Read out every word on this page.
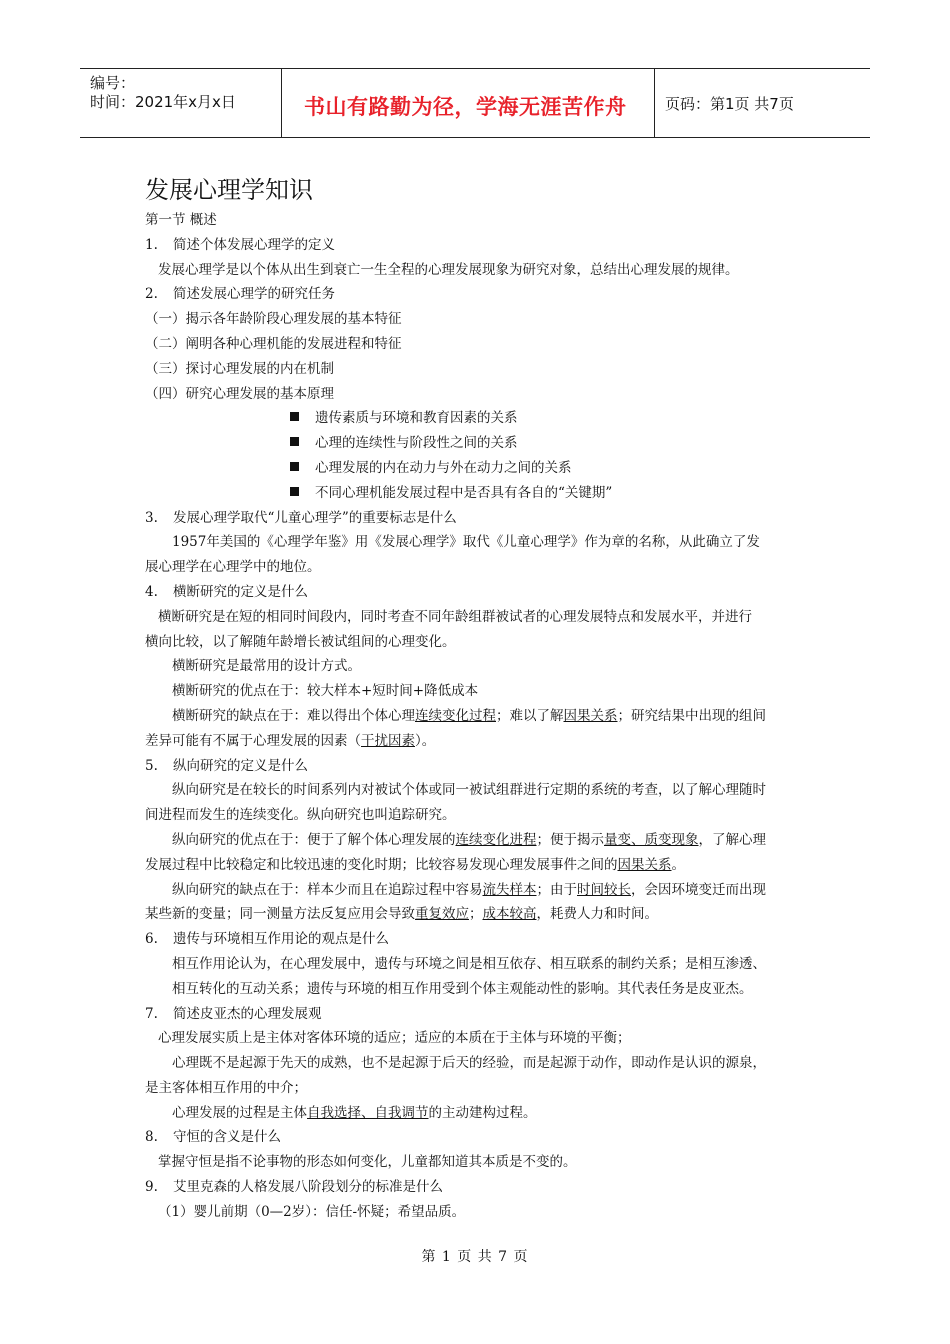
编号：
时间：2021年x月x日	书山有路勤为径，学海无涯苦作舟	页码：第1页 共7页
发展心理学知识
第一节 概述
1. 简述个体发展心理学的定义
发展心理学是以个体从出生到衰亡一生全程的心理发展现象为研究对象，总结出心理发展的规律。
2. 简述发展心理学的研究任务
（一）揭示各年龄阶段心理发展的基本特征
（二）阐明各种心理机能的发展进程和特征
（三）探讨心理发展的内在机制
（四）研究心理发展的基本原理
遗传素质与环境和教育因素的关系
心理的连续性与阶段性之间的关系
心理发展的内在动力与外在动力之间的关系
不同心理机能发展过程中是否具有各自的“关键期”
3. 发展心理学取代“儿童心理学”的重要标志是什么
1957年美国的《心理学年鉴》用《发展心理学》取代《儿童心理学》作为章的名称，从此确立了发
展心理学在心理学中的地位。
4. 横断研究的定义是什么
横断研究是在短的相同时间段内，同时考查不同年龄组群被试者的心理发展特点和发展水平，并进行
横向比较，以了解随年龄增长被试组间的心理变化。
横断研究是最常用的设计方式。
横断研究的优点在于：较大样本+短时间+降低成本
横断研究的缺点在于：难以得出个体心理连续变化过程；难以了解因果关系；研究结果中出现的组间
差异可能有不属于心理发展的因素（干扰因素）。
5. 纵向研究的定义是什么
纵向研究是在较长的时间系列内对被试个体或同一被试组群进行定期的系统的考查，以了解心理随时
间进程而发生的连续变化。纵向研究也叫追踪研究。
纵向研究的优点在于：便于了解个体心理发展的连续变化进程；便于揭示量变、质变现象，了解心理
发展过程中比较稳定和比较迅速的变化时期；比较容易发现心理发展事件之间的因果关系。
纵向研究的缺点在于：样本少而且在追踪过程中容易流失样本；由于时间较长，会因环境变迁而出现
某些新的变量；同一测量方法反复应用会导致重复效应；成本较高，耗费人力和时间。
6. 遗传与环境相互作用论的观点是什么
相互作用论认为，在心理发展中，遗传与环境之间是相互依存、相互联系的制约关系；是相互渗透、
相互转化的互动关系；遗传与环境的相互作用受到个体主观能动性的影响。其代表任务是皮亚杰。
7. 简述皮亚杰的心理发展观
心理发展实质上是主体对客体环境的适应；适应的本质在于主体与环境的平衡；
心理既不是起源于先天的成熟，也不是起源于后天的经验，而是起源于动作，即动作是认识的源泉，
是主客体相互作用的中介；
心理发展的过程是主体自我选择、自我调节的主动建构过程。
8. 守恒的含义是什么
掌握守恒是指不论事物的形态如何变化，儿童都知道其本质是不变的。
9. 艾里克森的人格发展八阶段划分的标准是什么
（1）婴儿前期（0—2岁）：信任-怀疑；希望品质。
第 1 页 共 7 页
